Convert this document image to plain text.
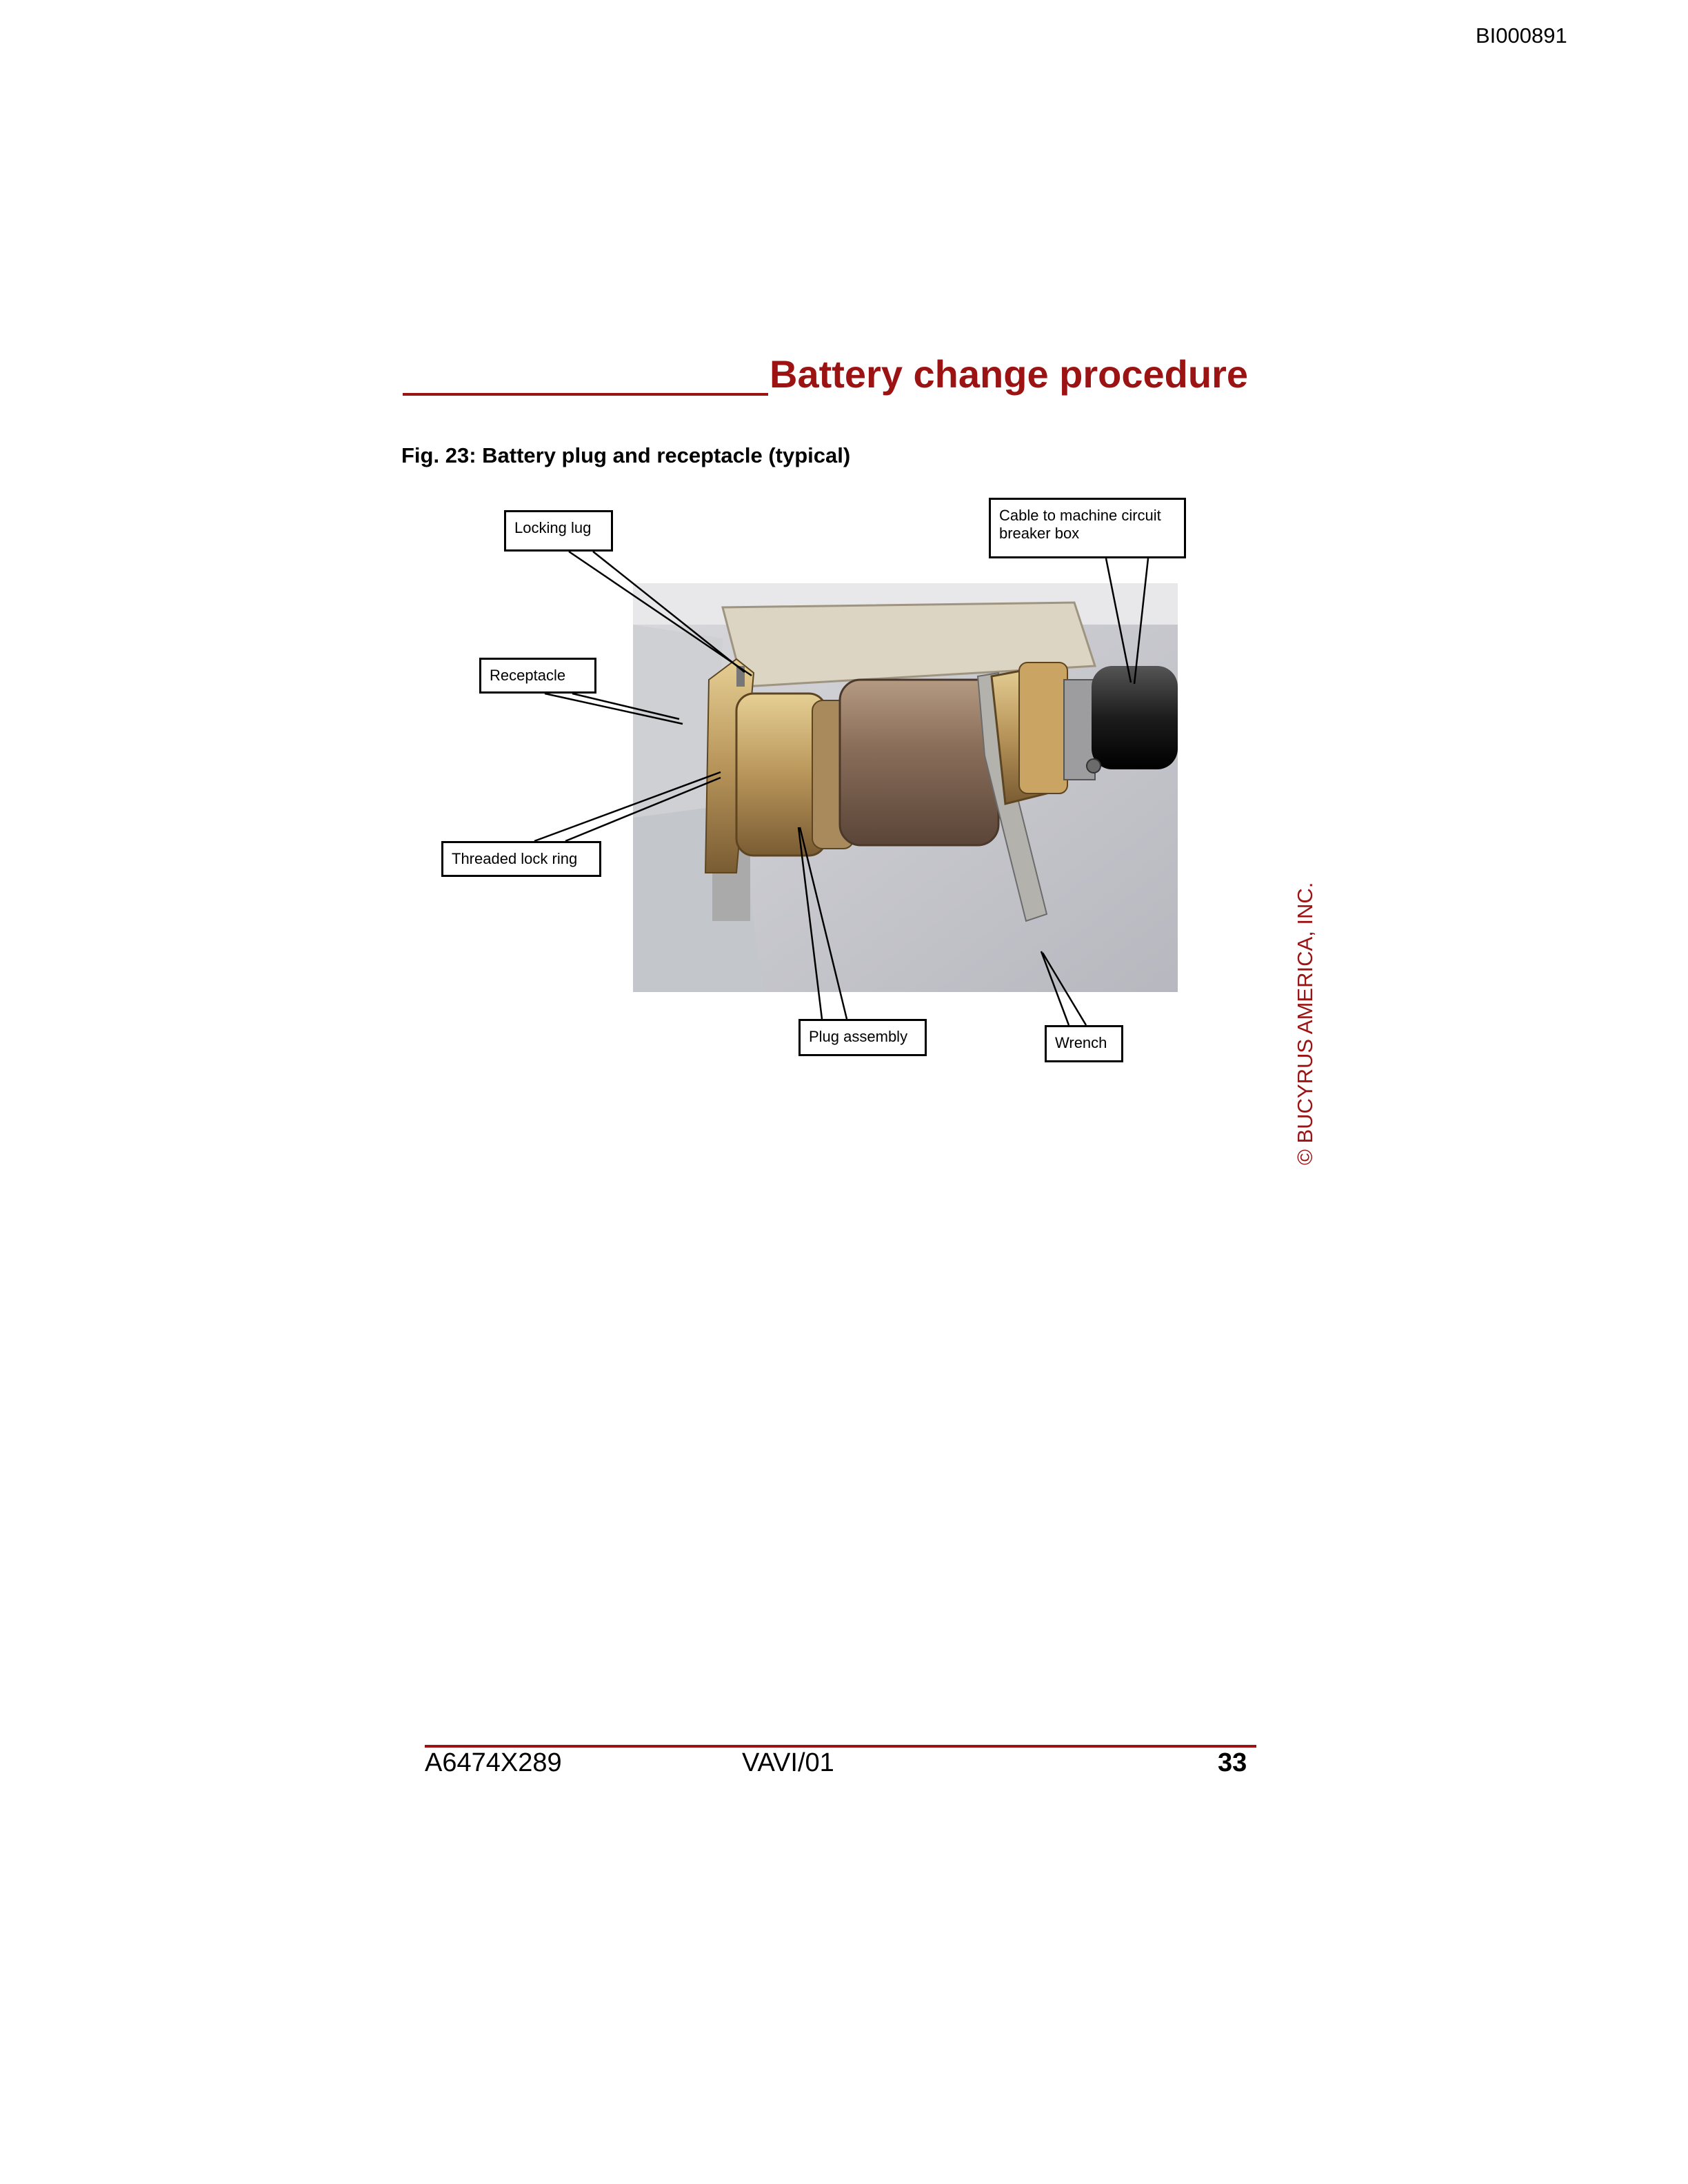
BI000891
Battery change procedure
Fig. 23: Battery plug and receptacle (typical)
Locking lug
Cable to machine circuit breaker box
Receptacle
Threaded lock ring
Plug assembly	Wrench	© BUCYRUS AMERICA, INC.
A6474X289	VAVI/01	33
